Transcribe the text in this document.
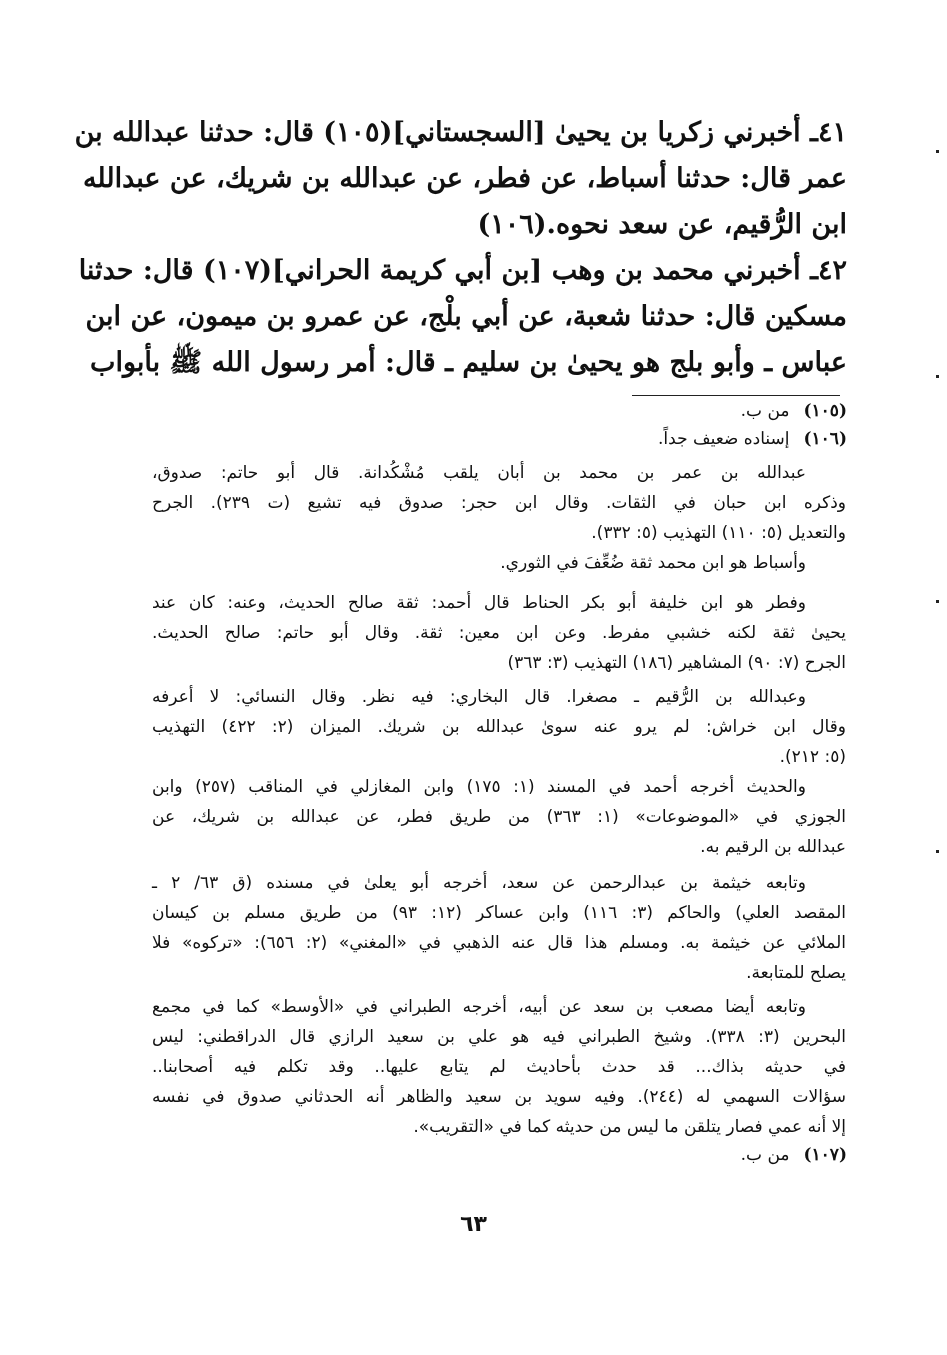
٤١ـ أخبرني زكريا بن يحيىٰ [السجستاني](١٠٥) قال: حدثنا عبدالله بن
عمر قال: حدثنا أسباط، عن فطر، عن عبدالله بن شريك، عن عبدالله
ابن الرُّقيم، عن سعد نحوه.(١٠٦)
٤٢ـ أخبرني محمد بن وهب [بن أبي كريمة الحراني](١٠٧) قال: حدثنا
مسكين قال: حدثنا شعبة، عن أبي بلْج، عن عمرو بن ميمون، عن ابن
عباس ـ وأبو بلج هو يحيىٰ بن سليم ـ قال: أمر رسول الله ﷺ بأبواب
(١٠٥)من ب.
(١٠٦)إسناده ضعيف جداً.
عبدالله بن عمر بن محمد بن أبان يلقب مُشْكُدانة. قال أبو حاتم: صدوق،
وذكره ابن حبان في الثقات. وقال ابن حجر: صدوق فيه تشيع (ت ٢٣٩). الجرح
والتعديل (٥: ١١٠) التهذيب (٥: ٣٣٢).
وأسباط هو ابن محمد ثقة ضُعِّفَ في الثوري.
وفطر هو ابن خليفة أبو بكر الحناط قال أحمد: ثقة صالح الحديث، وعنه: كان عند
يحيىٰ ثقة لكنه خشبي مفرط. وعن ابن معين: ثقة. وقال أبو حاتم: صالح الحديث.
الجرح (٧: ٩٠) المشاهير (١٨٦) التهذيب (٣: ٣٦٣)
وعبدالله بن الرُّقيم ـ مصغرا. قال البخاري: فيه نظر. وقال النسائي: لا أعرفه
وقال ابن خراش: لم يرو عنه سوىٰ عبدالله بن شريك. الميزان (٢: ٤٢٢) التهذيب
(٥: ٢١٢).
والحديث أخرجه أحمد في المسند (١: ١٧٥) وابن المغازلي في المناقب (٢٥٧) وابن
الجوزي في «الموضوعات» (١: ٣٦٣) من طريق فطر، عن عبدالله بن شريك، عن
عبدالله بن الرقيم به.
وتابعه خيثمة بن عبدالرحمن عن سعد، أخرجه أبو يعلىٰ في مسنده (ق ٦٣/ ٢ ـ
المقصد العلي) والحاكم (٣: ١١٦) وابن عساكر (١٢: ٩٣) من طريق مسلم بن كيسان
الملائي عن خيثمة به. ومسلم هذا قال عنه الذهبي في «المغني» (٢: ٦٥٦): «تركوه» فلا
يصلح للمتابعة.
وتابعه أيضا مصعب بن سعد عن أبيه، أخرجه الطبراني في «الأوسط» كما في مجمع
البحرين (٣: ٣٣٨). وشيخ الطبراني فيه هو علي بن سعيد الرازي قال الدراقطني: ليس
في حديثه بذاك... قد حدث بأحاديث لم يتابع عليها.. وقد تكلم فيه أصحابنا..
سؤالات السهمي له (٢٤٤). وفيه سويد بن سعيد والظاهر أنه الحدثاني صدوق في نفسه
إلا أنه عمي فصار يتلقن ما ليس من حديثه كما في «التقريب».
(١٠٧)من ب.
٦٣
